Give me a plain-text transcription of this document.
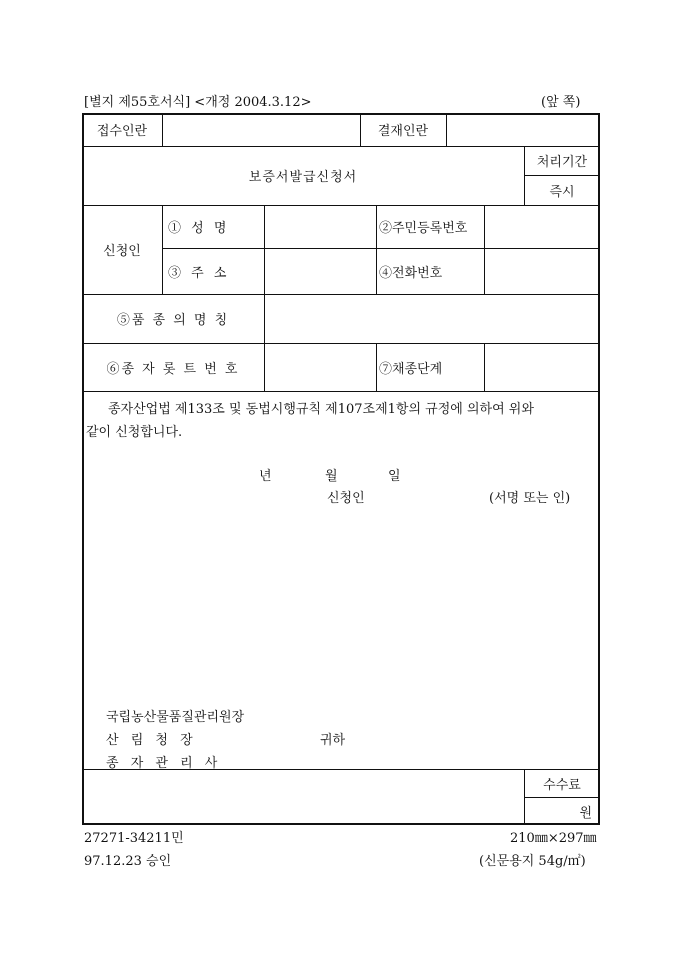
[별지 제55호서식] <개정 2004.3.12>	(앞 쪽)
접수인란	결재인란
보증서발급신청서
처리기간
즉시
신청인
① 성 명	②주민등록번호
③ 주 소	④전화번호
⑤품 종 의 명 칭
⑥종 자 롯 트 번 호	⑦채종단계
종자산업법 제133조 및 동법시행규칙 제107조제1항의 규정에 의하여 위와
같이 신청합니다.
년	월	일
신청인	(서명 또는 인)
국립농산물품질관리원장
산 림 청 장	귀하
종 자 관 리 사
수수료
원
27271-34211민	210㎜×297㎜
97.12.23 승인	(신문용지 54g/㎡)
